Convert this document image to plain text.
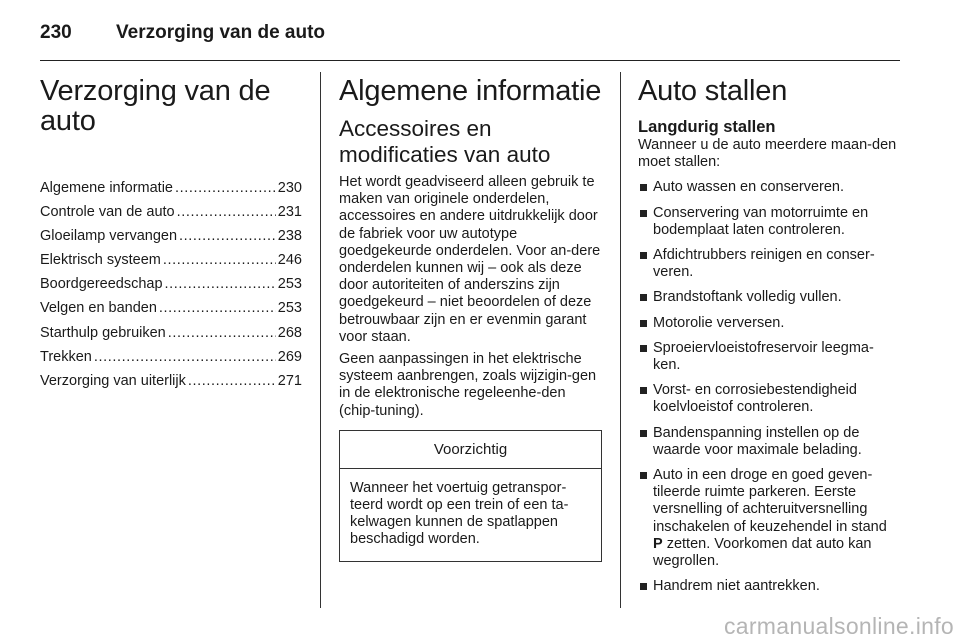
230 Verzorging van de auto
Verzorging van de auto
Algemene informatie .....	230
Controle van de auto .....	231
Gloeilamp vervangen .....	238
Elektrisch systeem .....	246
Boordgereedschap .....	253
Velgen en banden .....	253
Starthulp gebruiken .....	268
Trekken .....	269
Verzorging van uiterlijk .....	271
Algemene informatie
Accessoires en modificaties van auto

Het wordt geadviseerd alleen gebruik te maken van originele onderdelen, accessoires en andere uitdrukkelijk door de fabriek voor uw autotype goedgekeurde onderdelen. Voor an-dere onderdelen kunnen wij – ook als deze door autoriteiten of anderszins zijn goedgekeurd – niet beoordelen of deze betrouwbaar zijn en er evenmin garant voor staan.

Geen aanpassingen in het elektrische systeem aanbrengen, zoals wijzigin-gen in de elektronische regeleenhe-den (chip-tuning).

Voorzichtig
Wanneer het voertuig getranspor-teerd wordt op een trein of een ta-kelwagen kunnen de spatlappen beschadigd worden.
Auto stallen
Langdurig stallen

Wanneer u de auto meerdere maan-den moet stallen:

Auto wassen en conserveren.
Conservering van motorruimte en bodemplaat laten controleren.
Afdichtrubbers reinigen en conser-veren.
Brandstoftank volledig vullen.
Motorolie verversen.
Sproeiervloeistofreservoir leegma-ken.
Vorst- en corrosiebestendigheid koelvloeistof controleren.
Bandenspanning instellen op de waarde voor maximale belading.
Auto in een droge en goed geven-tileerde ruimte parkeren. Eerste versnelling of achteruitversnelling inschakelen of keuzehendel in stand P zetten. Voorkomen dat auto kan wegrollen.
Handrem niet aantrekken.
carmanualsonline.info
